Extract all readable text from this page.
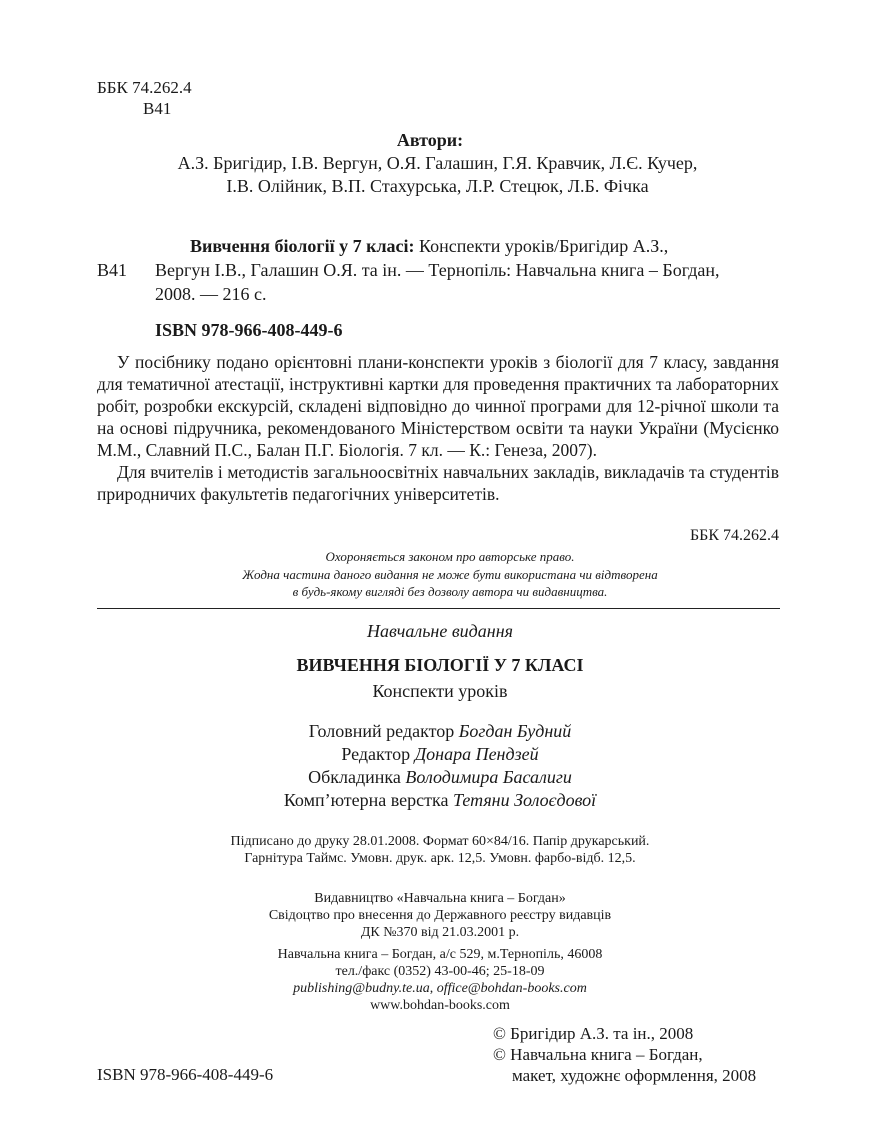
ББК 74.262.4
В41
Автори:
А.З. Бригідир, І.В. Вергун, О.Я. Галашин, Г.Я. Кравчик, Л.Є. Кучер,
І.В. Олійник, В.П. Стахурська, Л.Р. Стецюк, Л.Б. Фічка
Вивчення біології у 7 класі: Конспекти уроків/Бригідир А.З.,
В41 Вергун І.В., Галашин О.Я. та ін. — Тернопіль: Навчальна книга – Богдан,
2008. — 216 с.
ISBN 978-966-408-449-6

У посібнику подано орієнтовні плани-конспекти уроків з біології для 7 класу, завдання для тематичної атестації, інструктивні картки для проведення практичних та лабораторних робіт, розробки екскурсій, складені відповідно до чинної програми для 12-річної школи та на основі підручника, рекомендованого Міністерством освіти та науки України (Мусієнко М.М., Славний П.С., Балан П.Г. Біологія. 7 кл. — К.: Генеза, 2007).

Для вчителів і методистів загальноосвітніх навчальних закладів, викладачів та студентів природничих факультетів педагогічних університетів.

ББК 74.262.4
Охороняється законом про авторське право.
Жодна частина даного видання не може бути використана чи відтворена
в будь-якому вигляді без дозволу автора чи видавництва.
Навчальне видання
ВИВЧЕННЯ БІОЛОГІЇ У 7 КЛАСІ
Конспекти уроків
Головний редактор Богдан Будний
Редактор Донара Пендзей
Обкладинка Володимира Басалиги
Комп’ютерна верстка Тетяни Золоєдової
Підписано до друку 28.01.2008. Формат 60×84/16. Папір друкарський.
Гарнітура Таймс. Умовн. друк. арк. 12,5. Умовн. фарбо-відб. 12,5.
Видавництво «Навчальна книга – Богдан»
Свідоцтво про внесення до Державного реєстру видавців
ДК №370 від 21.03.2001 р.
Навчальна книга – Богдан, а/с 529, м.Тернопіль, 46008
тел./факс (0352) 43-00-46; 25-18-09
publishing@budny.te.ua, office@bohdan-books.com
www.bohdan-books.com
ISBN 978-966-408-449-6
© Бригідир А.З. та ін., 2008
© Навчальна книга – Богдан,
макет, художнє оформлення, 2008
